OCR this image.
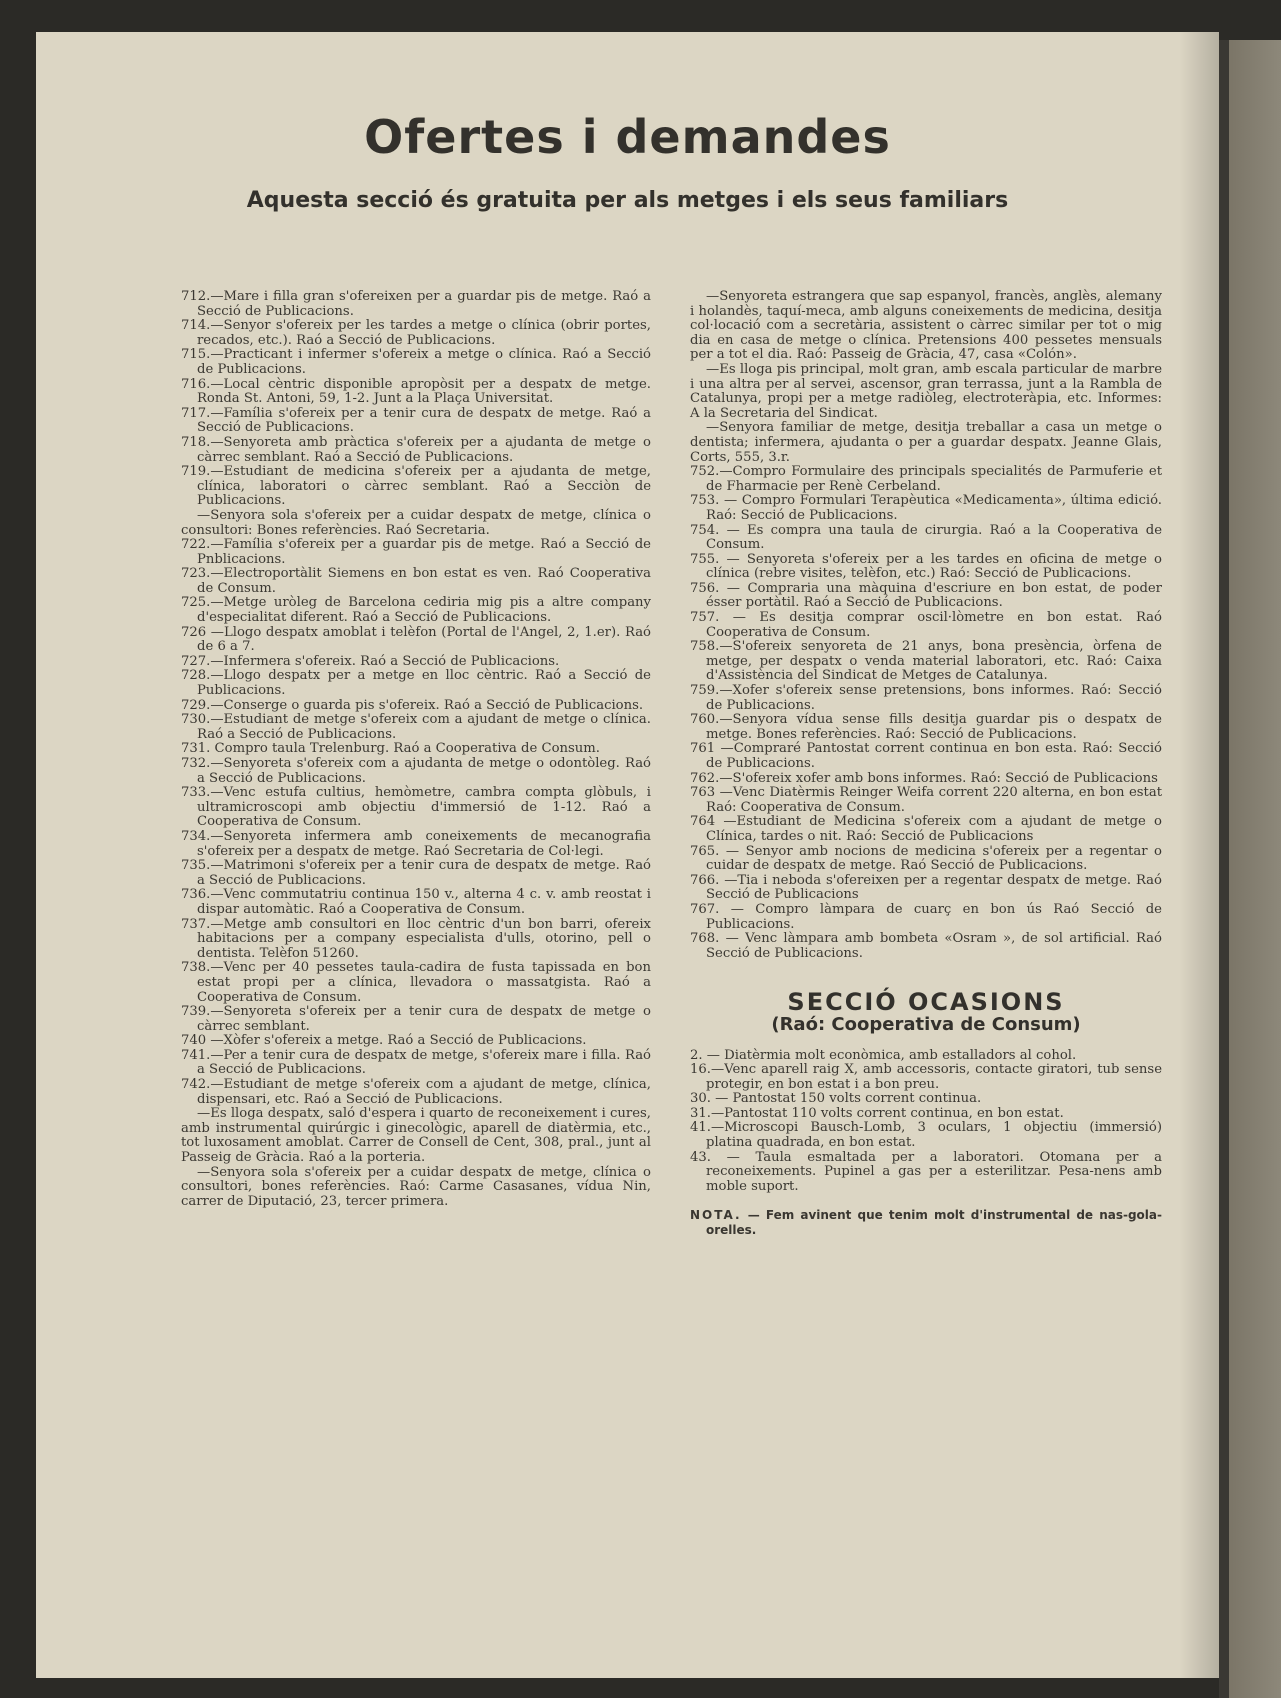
Ofertes i demandes
Aquesta secció és gratuita per als metges i els seus familiars

712.—Mare i filla gran s'ofereixen per a guardar pis de metge. Raó a Secció de Publicacions.

714.—Senyor s'ofereix per les tardes a metge o clínica (obrir portes, recados, etc.). Raó a Secció de Publicacions.

715.—Practicant i infermer s'ofereix a metge o clínica. Raó a Secció de Publicacions.

716.—Local cèntric disponible apropòsit per a despatx de metge. Ronda St. Antoni, 59, 1-2. Junt a la Plaça Universitat.

717.—Família s'ofereix per a tenir cura de despatx de metge. Raó a Secció de Publicacions.

718.—Senyoreta amb pràctica s'ofereix per a ajudanta de metge o càrrec semblant. Raó a Secció de Publicacions.

719.—Estudiant de medicina s'ofereix per a ajudanta de metge, clínica, laboratori o càrrec semblant. Raó a Secciòn de Publicacions.

—Senyora sola s'ofereix per a cuidar despatx de metge, clínica o consultori: Bones referències. Raó Secretaria.

722.—Família s'ofereix per a guardar pis de metge. Raó a Secció de Pnblicacions.

723.—Electroportàlit Siemens en bon estat es ven. Raó Cooperativa de Consum.

725.—Metge uròleg de Barcelona cediria mig pis a altre company d'especialitat diferent. Raó a Secció de Publicacions.

726 —Llogo despatx amoblat i telèfon (Portal de l'Angel, 2, 1.er). Raó de 6 a 7.

727.—Infermera s'ofereix. Raó a Secció de Publicacions.

728.—Llogo despatx per a metge en lloc cèntric. Raó a Secció de Publicacions.

729.—Conserge o guarda pis s'ofereix. Raó a Secció de Publicacions.

730.—Estudiant de metge s'ofereix com a ajudant de metge o clínica. Raó a Secció de Publicacions.

731. Compro taula Trelenburg. Raó a Cooperativa de Consum.

732.—Senyoreta s'ofereix com a ajudanta de metge o odontòleg. Raó a Secció de Publicacions.

733.—Venc estufa cultius, hemòmetre, cambra compta glòbuls, i ultramicroscopi amb objectiu d'immersió de 1-12. Raó a Cooperativa de Consum.

734.—Senyoreta infermera amb coneixements de mecanografia s'ofereix per a despatx de metge. Raó Secretaria de Col·legi.

735.—Matrimoni s'ofereix per a tenir cura de despatx de metge. Raó a Secció de Publicacions.

736.—Venc commutatriu continua 150 v., alterna 4 c. v. amb reostat i dispar automàtic. Raó a Cooperativa de Consum.

737.—Metge amb consultori en lloc cèntric d'un bon barri, ofereix habitacions per a company especialista d'ulls, otorino, pell o dentista. Telèfon 51260.

738.—Venc per 40 pessetes taula-cadira de fusta tapissada en bon estat propi per a clínica, llevadora o massatgista. Raó a Cooperativa de Consum.

739.—Senyoreta s'ofereix per a tenir cura de despatx de metge o càrrec semblant.

740 —Xòfer s'ofereix a metge. Raó a Secció de Publicacions.

741.—Per a tenir cura de despatx de metge, s'ofereix mare i filla. Raó a Secció de Publicacions.

742.—Estudiant de metge s'ofereix com a ajudant de metge, clínica, dispensari, etc. Raó a Secció de Publicacions.

—Es lloga despatx, saló d'espera i quarto de reconeixement i cures, amb instrumental quirúrgic i ginecològic, aparell de diatèrmia, etc., tot luxosament amoblat. Carrer de Consell de Cent, 308, pral., junt al Passeig de Gràcia. Raó a la porteria.

—Senyora sola s'ofereix per a cuidar despatx de metge, clínica o consultori, bones referències. Raó: Carme Casasanes, vídua Nin, carrer de Diputació, 23, tercer primera.

—Senyoreta estrangera que sap espanyol, francès, anglès, alemany i holandès, taquí-meca, amb alguns coneixements de medicina, desitja col·locació com a secretària, assistent o càrrec similar per tot o mig dia en casa de metge o clínica. Pretensions 400 pessetes mensuals per a tot el dia. Raó: Passeig de Gràcia, 47, casa «Colón».

—Es lloga pis principal, molt gran, amb escala particular de marbre i una altra per al servei, ascensor, gran terrassa, junt a la Rambla de Catalunya, propi per a metge radiòleg, electroteràpia, etc. Informes: A la Secretaria del Sindicat.

—Senyora familiar de metge, desitja treballar a casa un metge o dentista; infermera, ajudanta o per a guardar despatx. Jeanne Glais, Corts, 555, 3.r.

752.—Compro Formulaire des principals specialités de Parmuferie et de Fharmacie per Renè Cerbeland.

753. — Compro Formulari Terapèutica «Medicamenta», última edició. Raó: Secció de Publicacions.

754. — Es compra una taula de cirurgia. Raó a la Cooperativa de Consum.

755. — Senyoreta s'ofereix per a les tardes en oficina de metge o clínica (rebre visites, telèfon, etc.) Raó: Secció de Publicacions.

756. — Compraria una màquina d'escriure en bon estat, de poder ésser portàtil. Raó a Secció de Publicacions.

757. — Es desitja comprar oscil·lòmetre en bon estat. Raó Cooperativa de Consum.

758.—S'ofereix senyoreta de 21 anys, bona presència, òrfena de metge, per despatx o venda material laboratori, etc. Raó: Caixa d'Assistència del Sindicat de Metges de Catalunya.

759.—Xofer s'ofereix sense pretensions, bons informes. Raó: Secció de Publicacions.

760.—Senyora vídua sense fills desitja guardar pis o despatx de metge. Bones referències. Raó: Secció de Publicacions.

761 —Compraré Pantostat corrent continua en bon esta. Raó: Secció de Publicacions.

762.—S'ofereix xofer amb bons informes. Raó: Secció de Publicacions

763 —Venc Diatèrmis Reinger Weifa corrent 220 alterna, en bon estat Raó: Cooperativa de Consum.

764 —Estudiant de Medicina s'ofereix com a ajudant de metge o Clínica, tardes o nit. Raó: Secció de Publicacions

765. — Senyor amb nocions de medicina s'ofereix per a regentar o cuidar de despatx de metge. Raó Secció de Publicacions.

766. —Tia i neboda s'ofereixen per a regentar despatx de metge. Raó Secció de Publicacions

767. — Compro làmpara de cuarç en bon ús Raó Secció de Publicacions.

768. — Venc làmpara amb bombeta «Osram », de sol artificial. Raó Secció de Publicacions.

SECCIÓ OCASIONS
(Raó: Cooperativa de Consum)

2. — Diatèrmia molt econòmica, amb estalladors al cohol.

16.—Venc aparell raig X, amb accessoris, contacte giratori, tub sense protegir, en bon estat i a bon preu.

30. — Pantostat 150 volts corrent continua.

31.—Pantostat 110 volts corrent continua, en bon estat.

41.—Microscopi Bausch-Lomb, 3 oculars, 1 objectiu (immersió) platina quadrada, en bon estat.

43. — Taula esmaltada per a laboratori. Otomana per a reconeixements. Pupinel a gas per a esterilitzar. Pesa-nens amb moble suport.

NOTA. — Fem avinent que tenim molt d'instrumental de nas-gola-orelles.
